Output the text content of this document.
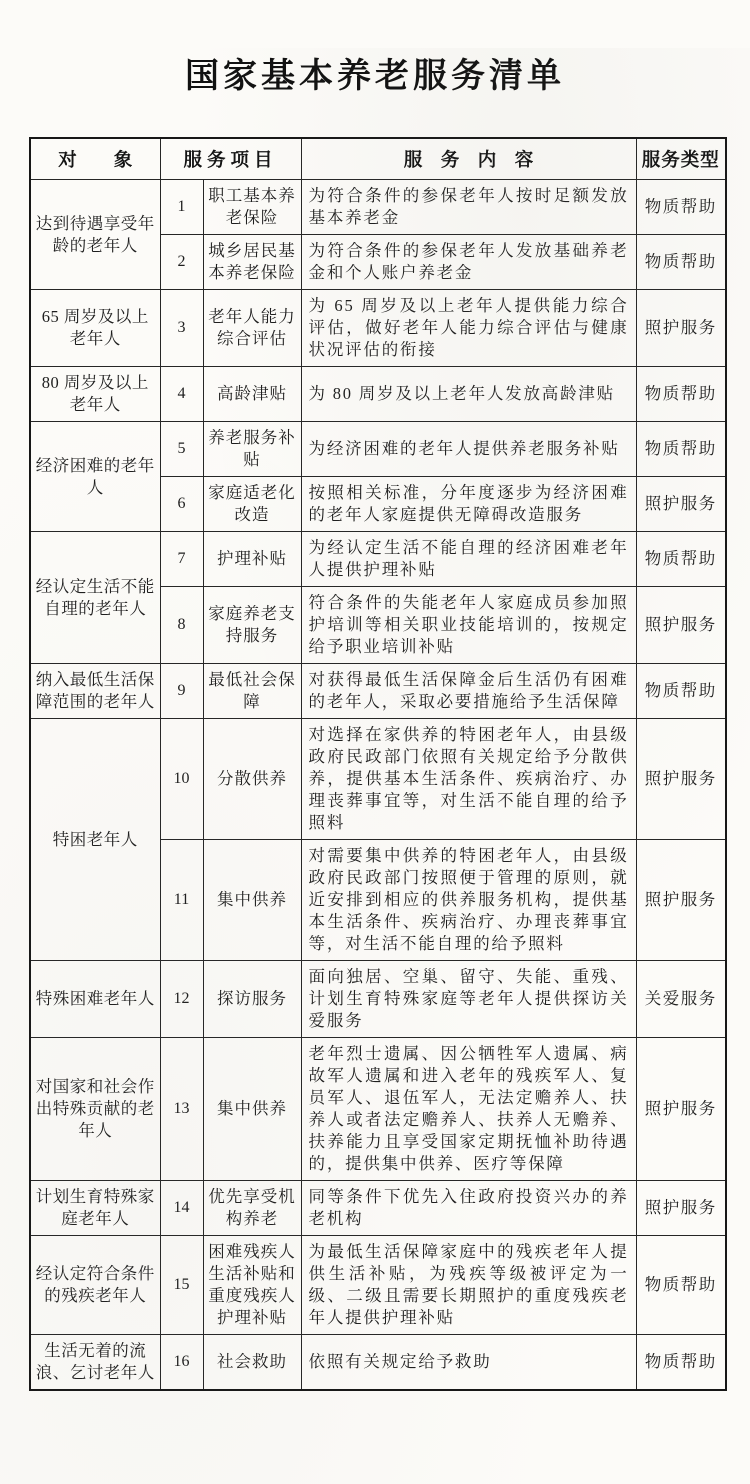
国家基本养老服务清单
对　　象	服务项目		服　务　内　容	服务类型
达到待遇享受年龄的老年人	1	职工基本养老保险	为符合条件的参保老年人按时足额发放基本养老金	物质帮助
	2	城乡居民基本养老保险	为符合条件的参保老年人发放基础养老金和个人账户养老金	物质帮助
65 周岁及以上老年人	3	老年人能力综合评估	为 65 周岁及以上老年人提供能力综合评估，做好老年人能力综合评估与健康状况评估的衔接	照护服务
80 周岁及以上老年人	4	高龄津贴	为 80 周岁及以上老年人发放高龄津贴	物质帮助
经济困难的老年人	5	养老服务补贴	为经济困难的老年人提供养老服务补贴	物质帮助
	6	家庭适老化改造	按照相关标准，分年度逐步为经济困难的老年人家庭提供无障碍改造服务	照护服务
经认定生活不能自理的老年人	7	护理补贴	为经认定生活不能自理的经济困难老年人提供护理补贴	物质帮助
	8	家庭养老支持服务	符合条件的失能老年人家庭成员参加照护培训等相关职业技能培训的，按规定给予职业培训补贴	照护服务
纳入最低生活保障范围的老年人	9	最低社会保障	对获得最低生活保障金后生活仍有困难的老年人，采取必要措施给予生活保障	物质帮助
特困老年人	10	分散供养	对选择在家供养的特困老年人，由县级政府民政部门依照有关规定给予分散供养，提供基本生活条件、疾病治疗、办理丧葬事宜等，对生活不能自理的给予照料	照护服务
	11	集中供养	对需要集中供养的特困老年人，由县级政府民政部门按照便于管理的原则，就近安排到相应的供养服务机构，提供基本生活条件、疾病治疗、办理丧葬事宜等，对生活不能自理的给予照料	照护服务
特殊困难老年人	12	探访服务	面向独居、空巢、留守、失能、重残、计划生育特殊家庭等老年人提供探访关爱服务	关爱服务
对国家和社会作出特殊贡献的老年人	13	集中供养	老年烈士遗属、因公牺牲军人遗属、病故军人遗属和进入老年的残疾军人、复员军人、退伍军人，无法定赡养人、扶养人或者法定赡养人、扶养人无赡养、扶养能力且享受国家定期抚恤补助待遇的，提供集中供养、医疗等保障	照护服务
计划生育特殊家庭老年人	14	优先享受机构养老	同等条件下优先入住政府投资兴办的养老机构	照护服务
经认定符合条件的残疾老年人	15	困难残疾人生活补贴和重度残疾人护理补贴	为最低生活保障家庭中的残疾老年人提供生活补贴，为残疾等级被评定为一级、二级且需要长期照护的重度残疾老年人提供护理补贴	物质帮助
生活无着的流浪、乞讨老年人	16	社会救助	依照有关规定给予救助	物质帮助
